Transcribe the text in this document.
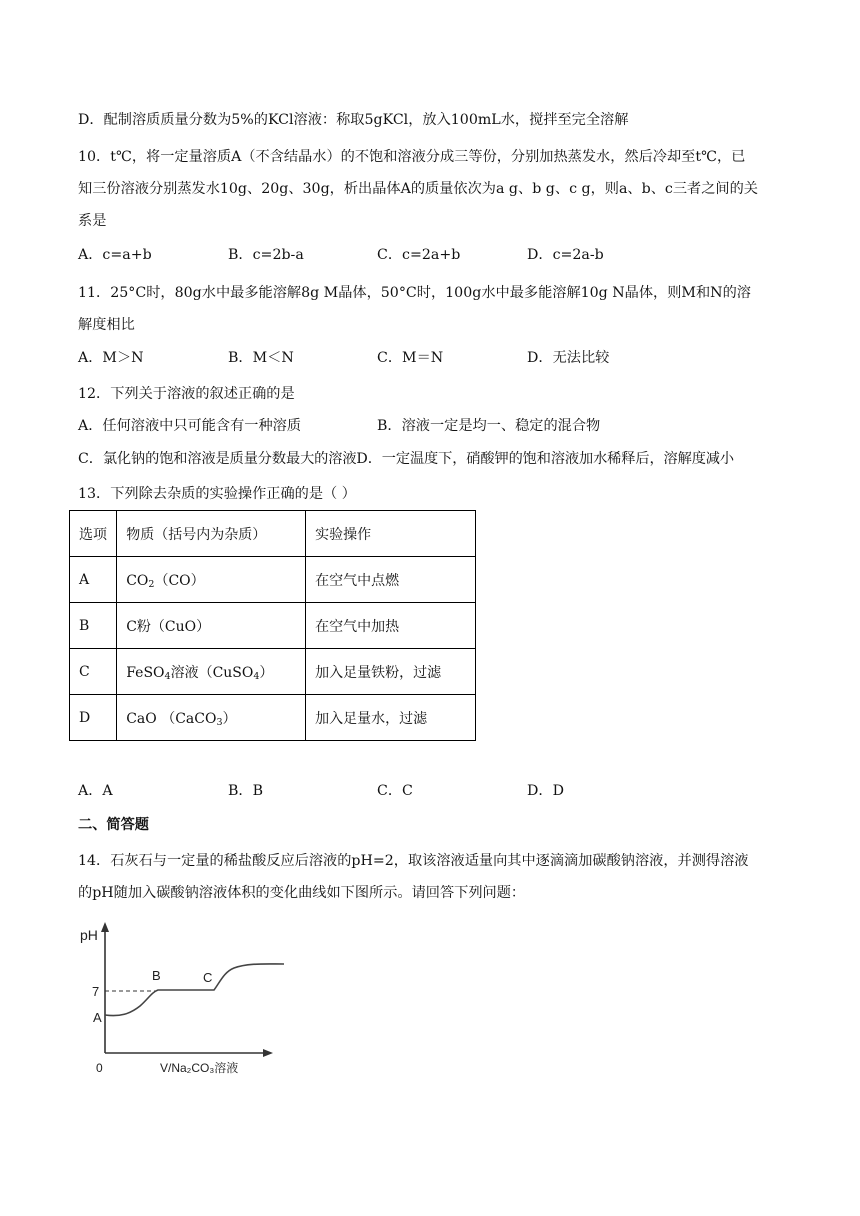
D．配制溶质质量分数为5%的KCl溶液：称取5gKCl，放入100mL水，搅拌至完全溶解
10．t℃，将一定量溶质A（不含结晶水）的不饱和溶液分成三等份，分别加热蒸发水，然后冷却至t℃，已
知三份溶液分别蒸发水10g、20g、30g，析出晶体A的质量依次为a g、b g、c g，则a、b、c三者之间的关
系是
A．c=a+b	B．c=2b-a	C．c=2a+b	D．c=2a-b
11．25°C时，80g水中最多能溶解8g M晶体，50°C时，100g水中最多能溶解10g N晶体，则M和N的溶
解度相比
A．M＞N	B．M＜N	C．M＝N	D．无法比较
12．下列关于溶液的叙述正确的是
A．任何溶液中只可能含有一种溶质	B．溶液一定是均一、稳定的混合物
C．氯化钠的饱和溶液是质量分数最大的溶液D．一定温度下，硝酸钾的饱和溶液加水稀释后，溶解度减小
13．下列除去杂质的实验操作正确的是（ ）
选项	物质（括号内为杂质）	实验操作
A	$CO_2(CO)$	在空气中点燃
B	C粉（CuO）	在空气中加热
C	FeSO$_4$溶液（CuSO$_4$）	加入足量铁粉，过滤
D	CaO （CaCO$_3$）	加入足量水，过滤
A．A	B．B	C．C	D．D
二、简答题
14．石灰石与一定量的稀盐酸反应后溶液的pH=2，取该溶液适量向其中逐滴滴加碳酸钠溶液，并测得溶液
的pH随加入碳酸钠溶液体积的变化曲线如下图所示。请回答下列问题：
pH
7
A
B	C
0	V/Na₂CO₃溶液
